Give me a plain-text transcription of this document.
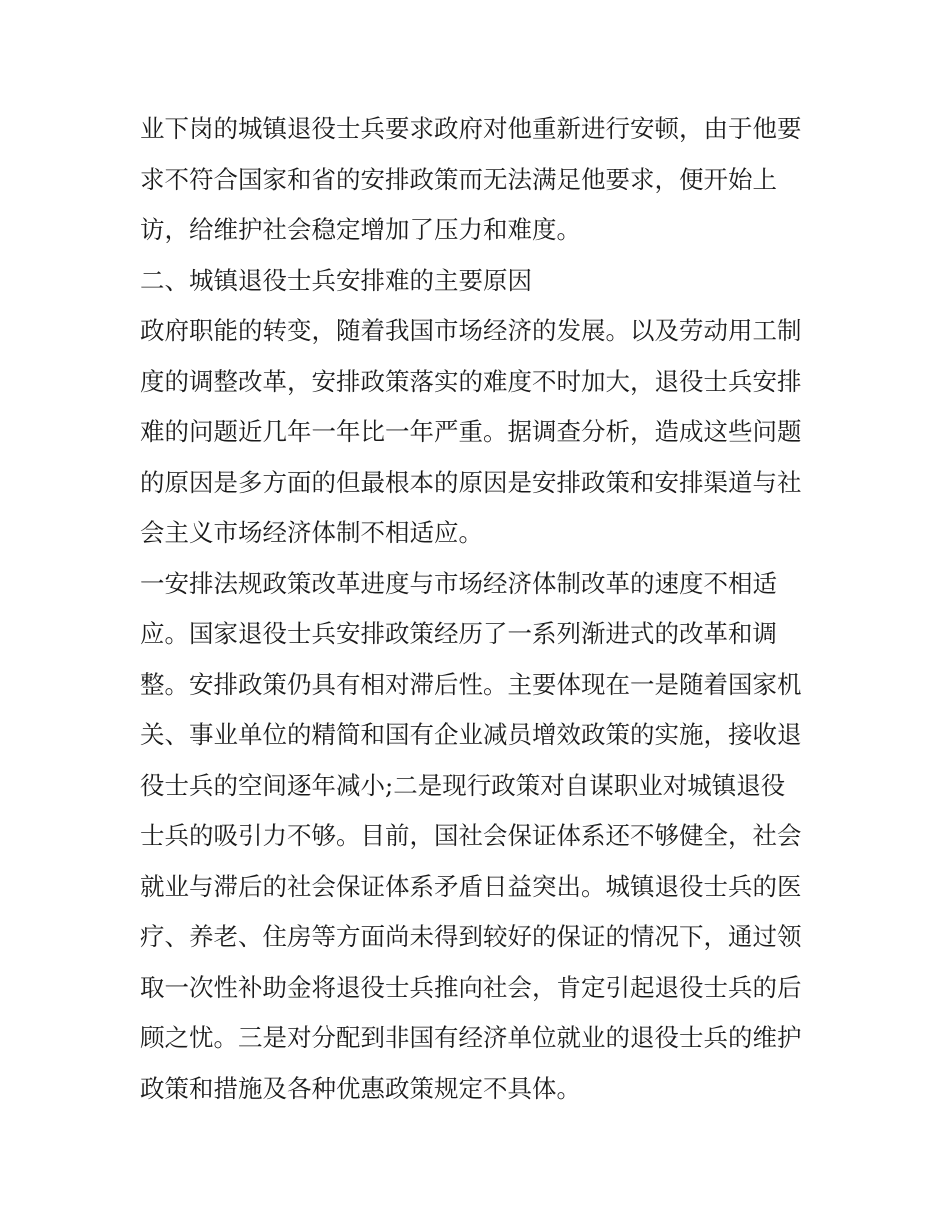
业下岗的城镇退役士兵要求政府对他重新进行安顿，由于他要
求不符合国家和省的安排政策而无法满足他要求，便开始上
访，给维护社会稳定增加了压力和难度。
二、城镇退役士兵安排难的主要原因
政府职能的转变，随着我国市场经济的发展。以及劳动用工制
度的调整改革，安排政策落实的难度不时加大，退役士兵安排
难的问题近几年一年比一年严重。据调查分析，造成这些问题
的原因是多方面的但最根本的原因是安排政策和安排渠道与社
会主义市场经济体制不相适应。
一安排法规政策改革进度与市场经济体制改革的速度不相适
应。国家退役士兵安排政策经历了一系列渐进式的改革和调
整。安排政策仍具有相对滞后性。主要体现在一是随着国家机
关、事业单位的精简和国有企业减员增效政策的实施，接收退
役士兵的空间逐年减小;二是现行政策对自谋职业对城镇退役
士兵的吸引力不够。目前，国社会保证体系还不够健全，社会
就业与滞后的社会保证体系矛盾日益突出。城镇退役士兵的医
疗、养老、住房等方面尚未得到较好的保证的情况下，通过领
取一次性补助金将退役士兵推向社会，肯定引起退役士兵的后
顾之忧。三是对分配到非国有经济单位就业的退役士兵的维护
政策和措施及各种优惠政策规定不具体。
